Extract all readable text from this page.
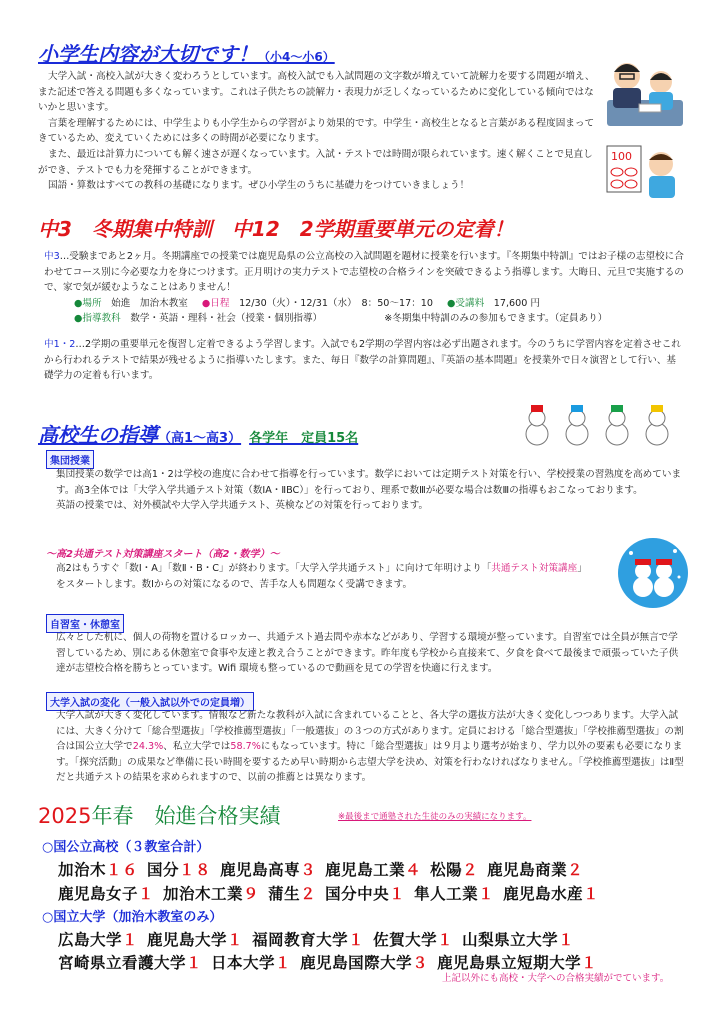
小学生内容が大切です！（小4～小6）

大学入試・高校入試が大きく変わろうとしています。高校入試でも入試問題の文字数が増えていて読解力を要する問題が増え、また記述で答える問題も多くなっています。これは子供たちの読解力・表現力が乏しくなっているために変化している傾向ではないかと思います。

言葉を理解するためには、中学生よりも小学生からの学習がより効果的です。中学生・高校生となると言葉がある程度固まってきているため、変えていくためには多くの時間が必要になります。

また、最近は計算力についても解く速さが遅くなっています。入試・テストでは時間が限られています。速く解くことで見直しができ、テストでも力を発揮することができます。

国語・算数はすべての教科の基礎になります。ぜひ小学生のうちに基礎力をつけていきましょう！

100
中3　冬期集中特訓　中12　2学期重要単元の定着！

中3…受験まであと2ヶ月。冬期講座での授業では鹿児島県の公立高校の入試問題を題材に授業を行います。『冬期集中特訓』ではお子様の志望校に合わせてコース別に今必要な力を身につけます。正月明けの実力テストで志望校の合格ラインを突破できるよう指導します。大晦日、元旦で実施するので、家で気が緩むようなことはありません！

●場所　 始進　加治木教室 ●日程　 12/30（火）・12/31（水）　8：50～17：10 ●受講料　 17,600 円
●指導教科　 数学・英語・理科・社会（授業・個別指導）	※冬期集中特訓のみの参加もできます。（定員あり）

中1・2…2学期の重要単元を復習し定着できるよう学習します。入試でも2学期の学習内容は必ず出題されます。今のうちに学習内容を定着させこれから行われるテストで結果が残せるように指導いたします。また、毎日『数学の計算問題』、『英語の基本問題』を授業外で日々演習として行い、基礎学力の定着も行います。

高校生の指導（高1～高3） 各学年　定員15名
集団授業

集団授業の数学では高1・2は学校の進度に合わせて指導を行っています。数学においては定期テスト対策を行い、学校授業の習熟度を高めています。高3全体では「大学入学共通テスト対策（数ⅠA・ⅡBC）」を行っており、理系で数Ⅲが必要な場合は数Ⅲの指導もおこなっております。

英語の授業では、対外模試や大学入学共通テスト、英検などの対策を行っております。

～高2共通テスト対策講座スタート（高2・数学）～

高2はもうすぐ「数Ⅰ・A」「数Ⅱ・B・C」が終わります。「大学入学共通テスト」に向けて年明けより「共通テスト対策講座」をスタートします。数Ⅰからの対策になるので、苦手な人も問題なく受講できます。

自習室・休憩室

広々とした机に、個人の荷物を置けるロッカー、共通テスト過去問や赤本などがあり、学習する環境が整っています。自習室では全員が無言で学習しているため、別にある休憩室で食事や友達と教え合うことができます。昨年度も学校から直接来て、夕食を食べて最後まで頑張っていた子供達が志望校合格を勝ちとっています。Wifi 環境も整っているので動画を見ての学習を快適に行えます。

大学入試の変化（一般入試以外での定員増）

大学入試が大きく変化しています。情報など新たな教科が入試に含まれていることと、各大学の選抜方法が大きく変化しつつあります。大学入試には、大きく分けて「総合型選抜」「学校推薦型選抜」「一般選抜」の３つの方式があります。定員における「総合型選抜」「学校推薦型選抜」の割合は国公立大学で24.3%、私立大学では58.7%にもなっています。特に「総合型選抜」は９月より選考が始まり、学力以外の要素も必要になります。「探究活動」の成果など準備に長い時間を要するため早い時期から志望大学を決め、対策を行わなければなりません。「学校推薦型選抜」はⅡ型だと共通テストの結果を求められますので、以前の推薦とは異なります。

2025年春　始進合格実績	※最後まで通塾された生徒のみの実績になります。
○国公立高校（３教室合計）
加治木１６ 国分１８ 鹿児島高専３ 鹿児島工業４ 松陽２ 鹿児島商業２
鹿児島女子１ 加治木工業９ 蒲生２ 国分中央１ 隼人工業１ 鹿児島水産１
○国立大学（加治木教室のみ）
広島大学１ 鹿児島大学１ 福岡教育大学１ 佐賀大学１ 山梨県立大学１
宮崎県立看護大学１ 日本大学１ 鹿児島国際大学３ 鹿児島県立短期大学１
上記以外にも高校・大学への合格実績がでています。
